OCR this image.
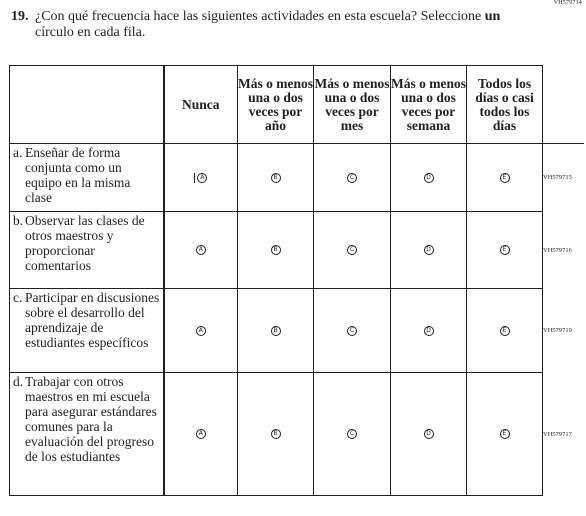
VH579714
19. ¿Con qué frecuencia hace las siguientes actividades en esta escuela? Seleccione un
círculo en cada fila.
	Nunca	Más o menos una o dos veces por año	Más o menos una o dos veces por mes	Más o menos una o dos veces por semana	Todos los días o casi todos los días	

a. Enseñar de forma conjunta como un equipo en la misma clase	A	B	C	D	E	VH579715

b. Observar las clases de otros maestros y proporcionar comentarios	A	B	C	D	E	VH579716

c. Participar en discusiones sobre el desarrollo del aprendizaje de estudiantes específicos	A	B	C	D	E	VH579719

d. Trabajar con otros maestros en mi escuela para asegurar estándares comunes para la evaluación del progreso de los estudiantes	A	B	C	D	E	VH579717
